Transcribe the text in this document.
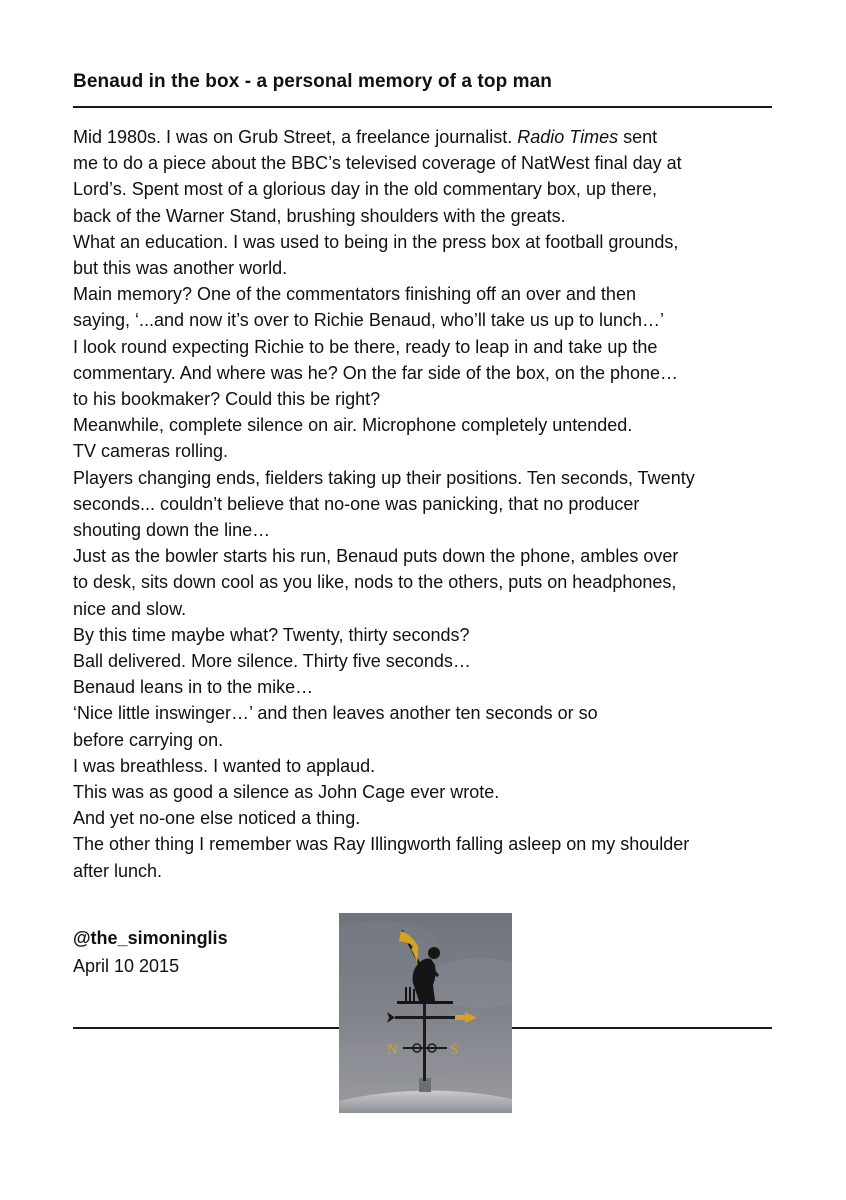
Benaud in the box - a personal memory of a top man
Mid 1980s. I was on Grub Street, a freelance journalist. Radio Times sent
me to do a piece about the BBC’s televised coverage of NatWest final day at
Lord’s. Spent most of a glorious day in the old commentary box, up there,
back of the Warner Stand, brushing shoulders with the greats.
What an education. I was used to being in the press box at football grounds,
but this was another world.
Main memory? One of the commentators finishing off an over and then
saying, ‘...and now it’s over to Richie Benaud, who’ll take us up to lunch…’
I look round expecting Richie to be there, ready to leap in and take up the
commentary. And where was he? On the far side of the box, on the phone…
to his bookmaker? Could this be right?
Meanwhile, complete silence on air. Microphone completely untended.
TV cameras rolling.
Players changing ends, fielders taking up their positions. Ten seconds, Twenty
seconds... couldn’t believe that no-one was panicking, that no producer
shouting down the line…
Just as the bowler starts his run, Benaud puts down the phone, ambles over
to desk, sits down cool as you like, nods to the others, puts on headphones,
nice and slow.
By this time maybe what? Twenty, thirty seconds?
Ball delivered. More silence. Thirty five seconds…
Benaud leans in to the mike…
‘Nice little inswinger…’ and then leaves another ten seconds or so
before carrying on.
I was breathless. I wanted to applaud.
This was as good a silence as John Cage ever wrote.
And yet no-one else noticed a thing.
The other thing I remember was Ray Illingworth falling asleep on my shoulder
after lunch.
@the_simoninglis
April 10 2015
N	S
